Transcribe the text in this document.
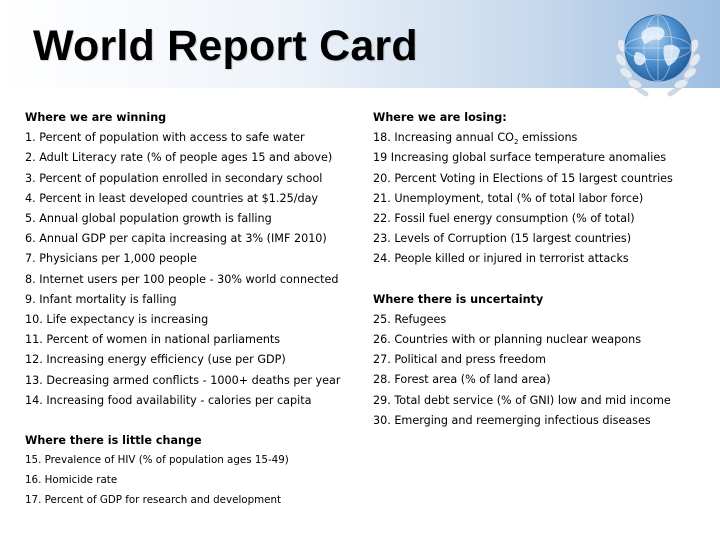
World Report Card
Where we are winning
1. Percent of population with access to safe water
2. Adult Literacy rate (% of people ages 15 and above)
3. Percent of population enrolled in secondary school
4. Percent in least developed countries at $1.25/day
5. Annual global population growth is falling
6. Annual GDP per capita increasing at 3% (IMF 2010)
7. Physicians per 1,000 people
8. Internet users per 100 people - 30% world connected
9. Infant mortality is falling
10. Life expectancy is increasing
11. Percent of women in national parliaments
12. Increasing energy efficiency (use per GDP)
13. Decreasing armed conflicts - 1000+ deaths per year
14. Increasing food availability - calories per capita
Where there is little change
15. Prevalence of HIV (% of population ages 15-49)
16. Homicide rate
17. Percent of GDP for research and development
Where we are losing:
18. Increasing annual $CO_2$ emissions
19 Increasing global surface temperature anomalies
20. Percent Voting in Elections of 15 largest countries
21. Unemployment, total (% of total labor force)
22. Fossil fuel energy consumption (% of total)
23. Levels of Corruption (15 largest countries)
24. People killed or injured in terrorist attacks
Where there is uncertainty
25. Refugees
26. Countries with or planning nuclear weapons
27. Political and press freedom
28. Forest area (% of land area)
29. Total debt service (% of GNI) low and mid income
30. Emerging and reemerging infectious diseases
